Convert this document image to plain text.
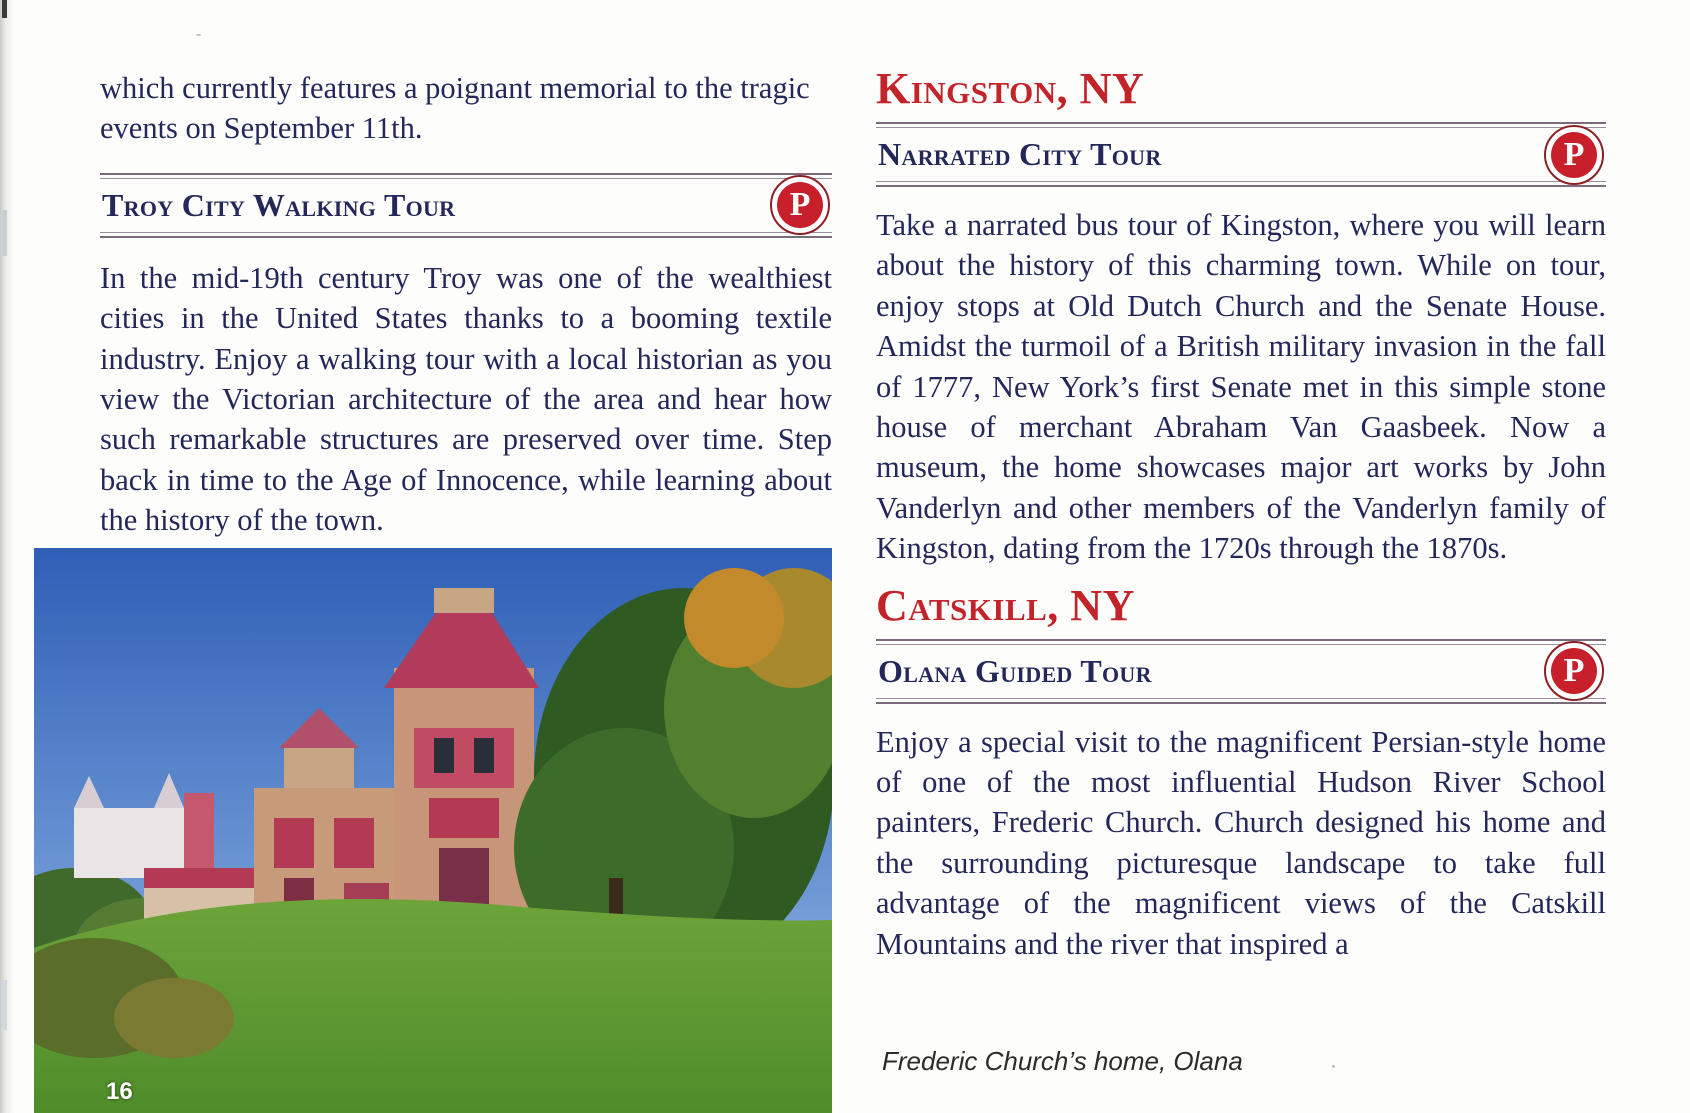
which currently features a poignant memorial to the tragic events on September 11th.

Troy City Walking Tour	P

In the mid-19th century Troy was one of the wealthiest cities in the United States thanks to a booming textile industry. Enjoy a walking tour with a local historian as you view the Victorian architecture of the area and hear how such remarkable structures are preserved over time. Step back in time to the Age of Innocence, while learning about the history of the town.

Kingston, NY
Narrated City Tour	P

Take a narrated bus tour of Kingston, where you will learn about the history of this charming town. While on tour, enjoy stops at Old Dutch Church and the Senate House. Amidst the turmoil of a British military invasion in the fall of 1777, New York’s first Senate met in this simple stone house of merchant Abraham Van Gaasbeek. Now a museum, the home showcases major art works by John Vanderlyn and other members of the Vanderlyn family of Kingston, dating from the 1720s through the 1870s.

Catskill, NY
Olana Guided Tour	P

Enjoy a special visit to the magnificent Persian-style home of one of the most influential Hudson River School painters, Frederic Church. Church designed his home and the surrounding picturesque landscape to take full advantage of the magnificent views of the Catskill Mountains and the river that inspired a

Frederic Church’s home, Olana

16
